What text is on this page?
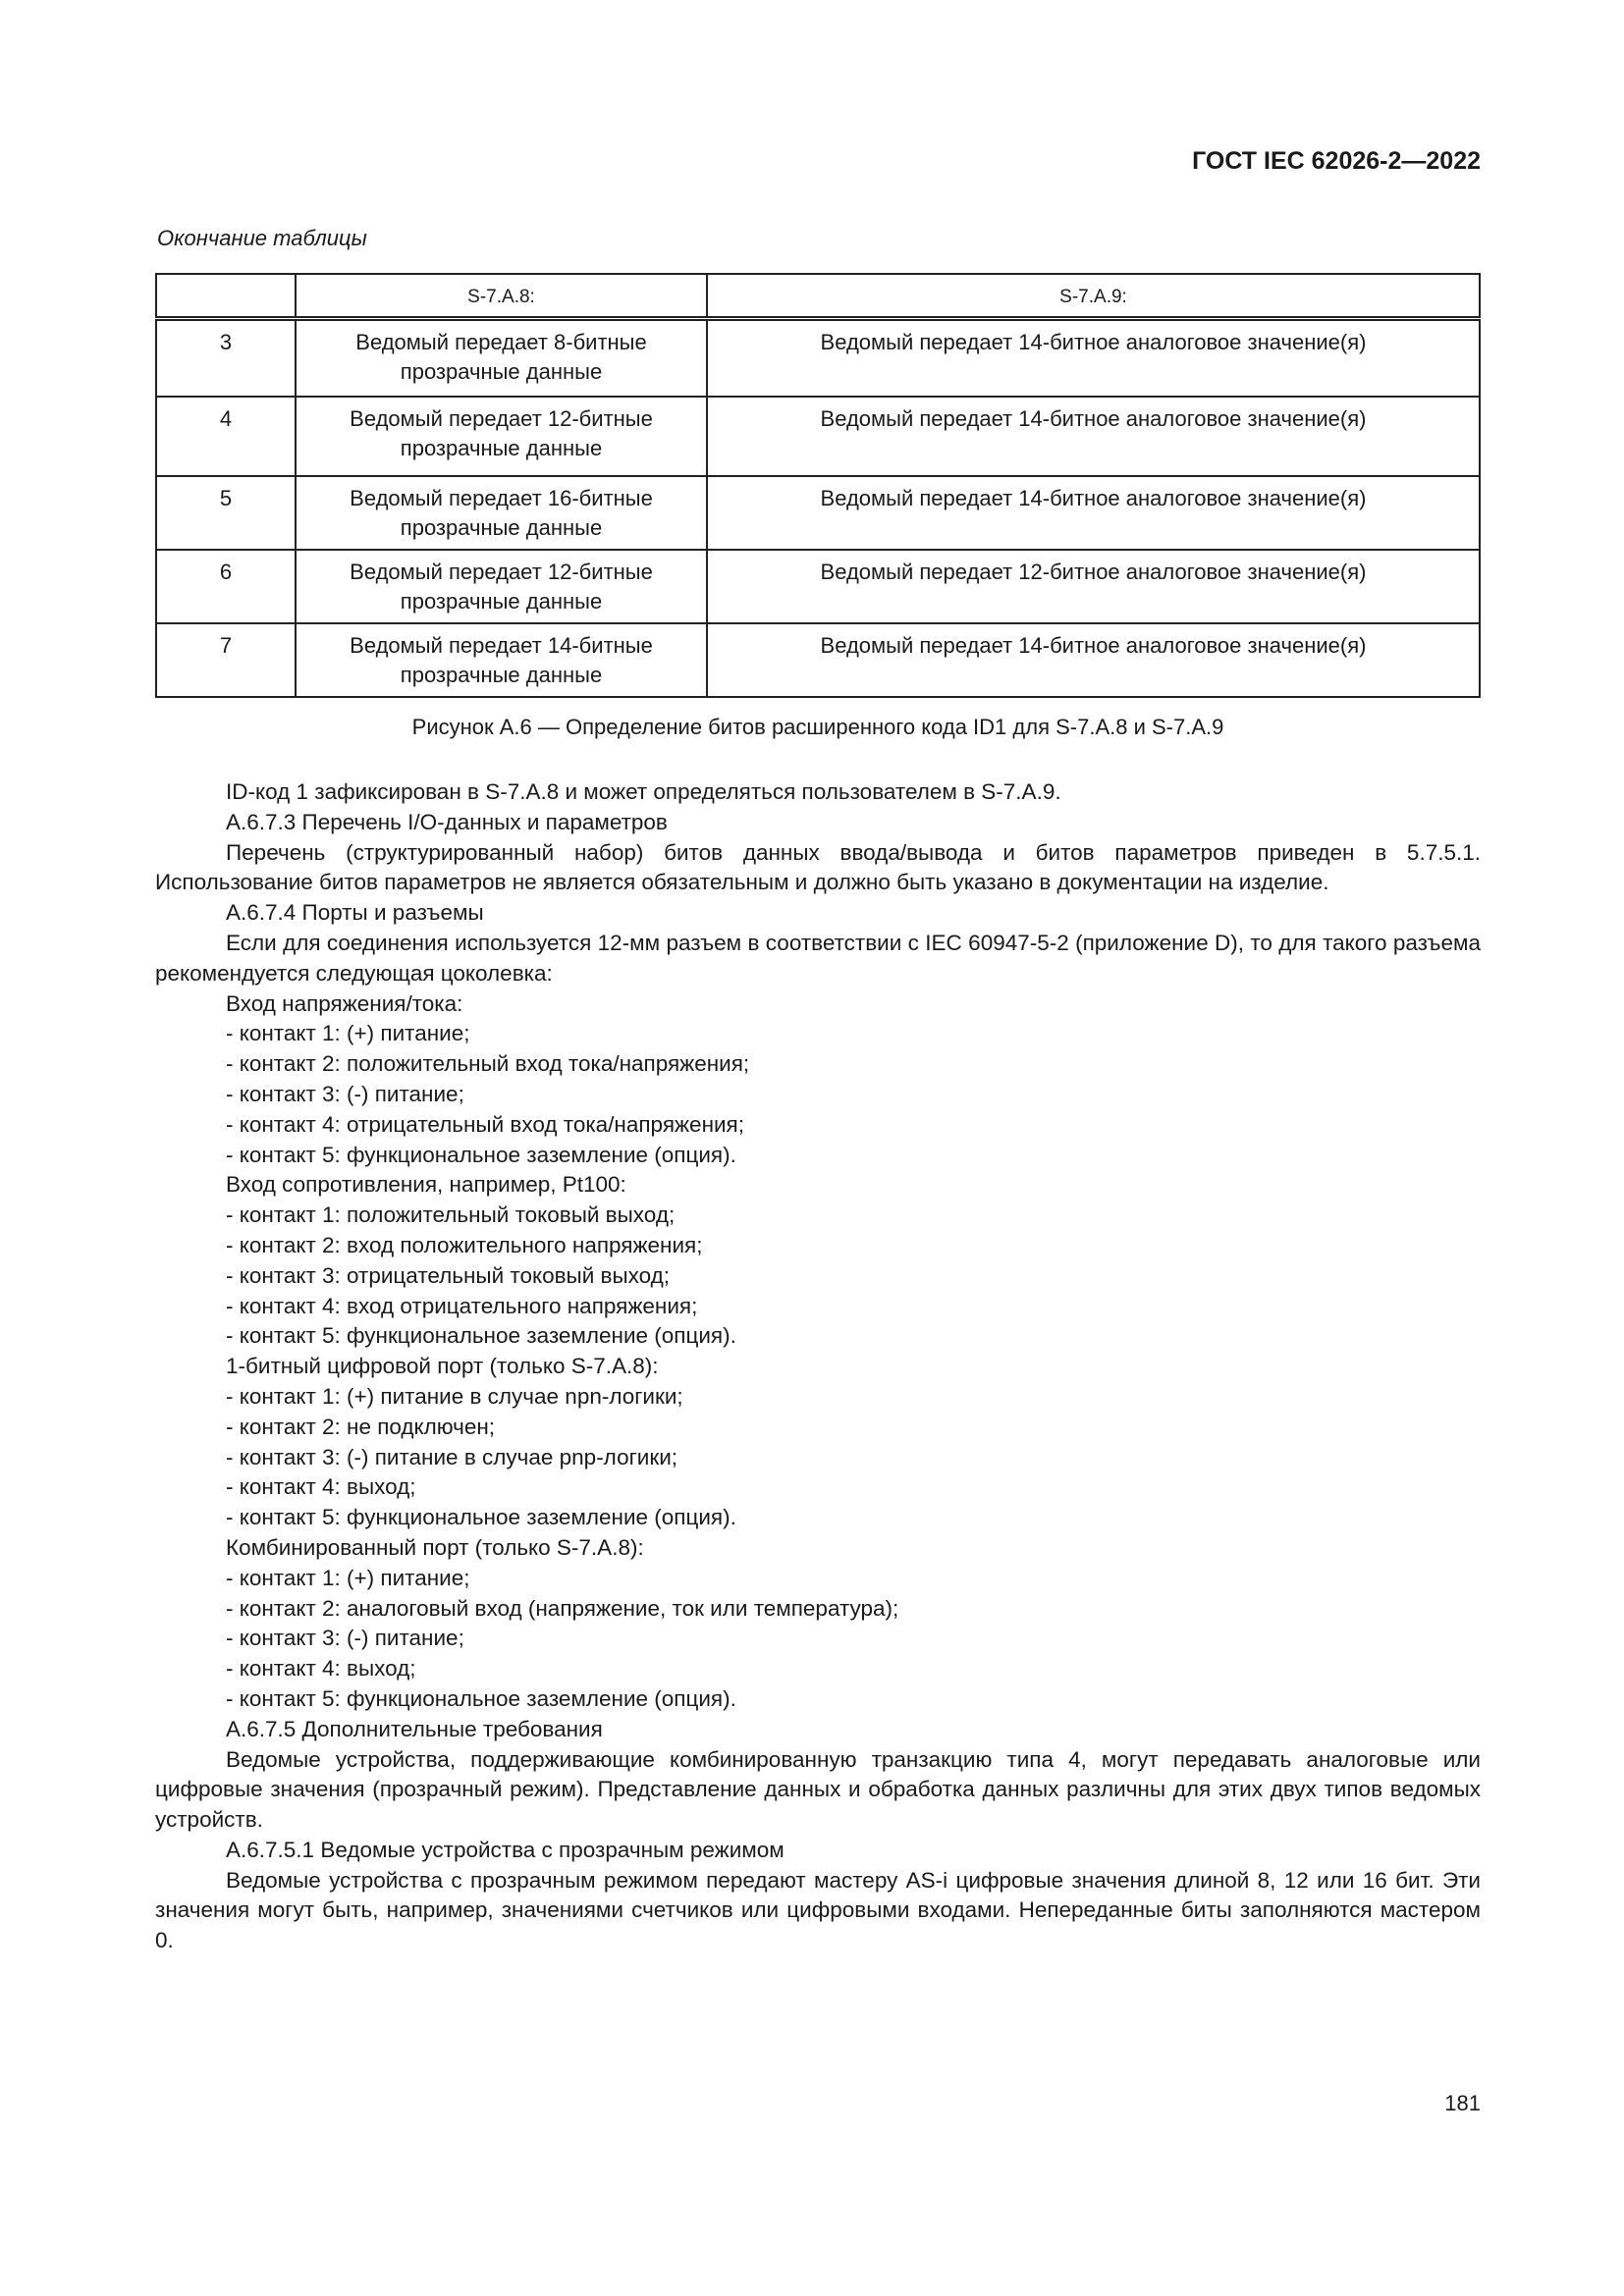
ГОСТ IEC 62026-2—2022
Окончание таблицы
	S-7.A.8:	S-7.A.9:
3	Ведомый передает 8-битные прозрачные данные	Ведомый передает 14-битное аналоговое значение(я)
4	Ведомый передает 12-битные прозрачные данные	Ведомый передает 14-битное аналоговое значение(я)
5	Ведомый передает 16-битные прозрачные данные	Ведомый передает 14-битное аналоговое значение(я)
6	Ведомый передает 12-битные прозрачные данные	Ведомый передает 12-битное аналоговое значение(я)
7	Ведомый передает 14-битные прозрачные данные	Ведомый передает 14-битное аналоговое значение(я)
Рисунок А.6 — Определение битов расширенного кода ID1 для S-7.A.8 и S-7.A.9

ID-код 1 зафиксирован в S-7.A.8 и может определяться пользователем в S-7.A.9.

А.6.7.3 Перечень I/O-данных и параметров

Перечень (структурированный набор) битов данных ввода/вывода и битов параметров приведен в 5.7.5.1. Использование битов параметров не является обязательным и должно быть указано в документации на изделие.

А.6.7.4 Порты и разъемы

Если для соединения используется 12-мм разъем в соответствии с IEC 60947-5-2 (приложение D), то для такого разъема рекомендуется следующая цоколевка:

Вход напряжения/тока:

- контакт 1: (+) питание;

- контакт 2: положительный вход тока/напряжения;

- контакт 3: (-) питание;

- контакт 4: отрицательный вход тока/напряжения;

- контакт 5: функциональное заземление (опция).

Вход сопротивления, например, Pt100:

- контакт 1: положительный токовый выход;

- контакт 2: вход положительного напряжения;

- контакт 3: отрицательный токовый выход;

- контакт 4: вход отрицательного напряжения;

- контакт 5: функциональное заземление (опция).

1-битный цифровой порт (только S-7.A.8):

- контакт 1: (+) питание в случае npn-логики;

- контакт 2: не подключен;

- контакт 3: (-) питание в случае pnp-логики;

- контакт 4: выход;

- контакт 5: функциональное заземление (опция).

Комбинированный порт (только S-7.A.8):

- контакт 1: (+) питание;

- контакт 2: аналоговый вход (напряжение, ток или температура);

- контакт 3: (-) питание;

- контакт 4: выход;

- контакт 5: функциональное заземление (опция).

А.6.7.5 Дополнительные требования

Ведомые устройства, поддерживающие комбинированную транзакцию типа 4, могут передавать аналоговые или цифровые значения (прозрачный режим). Представление данных и обработка данных различны для этих двух типов ведомых устройств.

А.6.7.5.1 Ведомые устройства с прозрачным режимом

Ведомые устройства с прозрачным режимом передают мастеру AS-i цифровые значения длиной 8, 12 или 16 бит. Эти значения могут быть, например, значениями счетчиков или цифровыми входами. Непереданные биты заполняются мастером 0.

181
